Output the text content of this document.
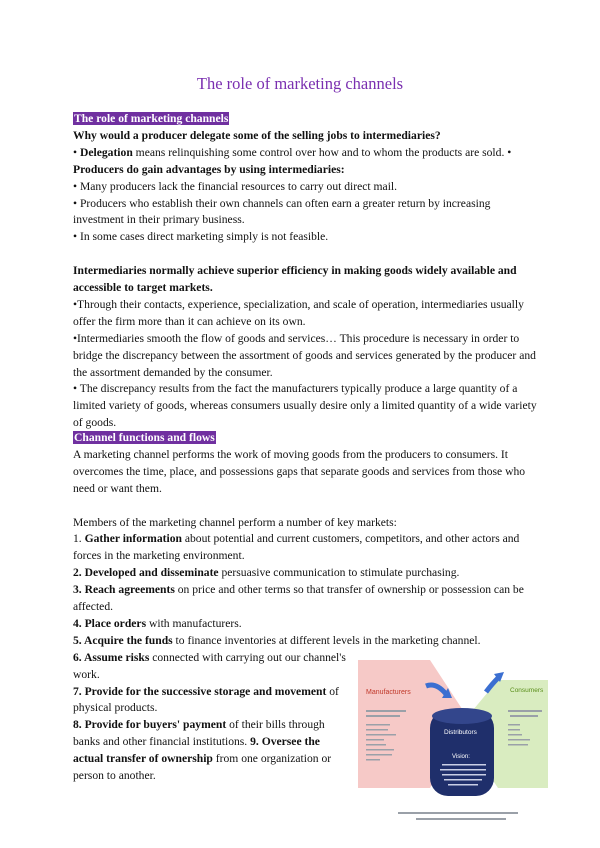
The role of marketing channels

The role of marketing channels

Why would a producer delegate some of the selling jobs to intermediaries?

• Delegation means relinquishing some control over how and to whom the products are sold. •

Producers do gain advantages by using intermediaries:

• Many producers lack the financial resources to carry out direct mail.

• Producers who establish their own channels can often earn a greater return by increasing investment in their primary business.

• In some cases direct marketing simply is not feasible.

Intermediaries normally achieve superior efficiency in making goods widely available and accessible to target markets.

•Through their contacts, experience, specialization, and scale of operation, intermediaries usually offer the firm more than it can achieve on its own.

•Intermediaries smooth the flow of goods and services… This procedure is necessary in order to bridge the discrepancy between the assortment of goods and services generated by the producer and the assortment demanded by the consumer.

• The discrepancy results from the fact the manufacturers typically produce a large quantity of a limited variety of goods, whereas consumers usually desire only a limited quantity of a wide variety of goods.

Channel functions and flows

A marketing channel performs the work of moving goods from the producers to consumers. It overcomes the time, place, and possessions gaps that separate goods and services from those who need or want them.

Members of the marketing channel perform a number of key markets:

1. Gather information about potential and current customers, competitors, and other actors and forces in the marketing environment.

2. Developed and disseminate persuasive communication to stimulate purchasing.

3. Reach agreements on price and other terms so that transfer of ownership or possession can be affected.

4. Place orders with manufacturers.

5. Acquire the funds to finance inventories at different levels in the marketing channel.

6. Assume risks connected with carrying out our channel's work.

7. Provide for the successive storage and movement of physical products.

8. Provide for buyers' payment of their bills through banks and other financial institutions. 9. Oversee the actual transfer of ownership from one organization or person to another.

Manufacturers	Consumers
Distributors
Vision:
